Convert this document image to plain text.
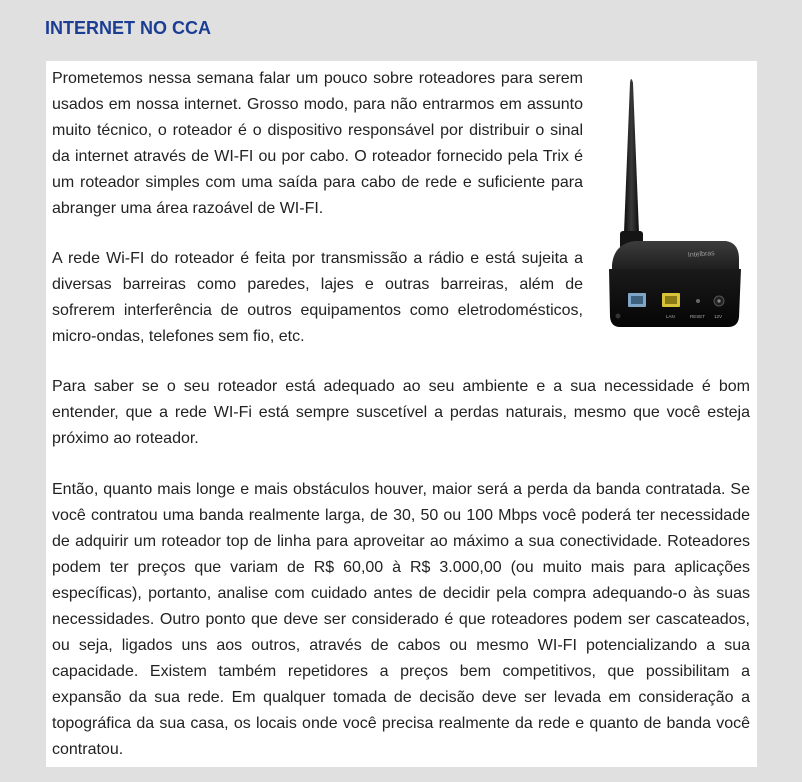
INTERNET NO CCA

Prometemos nessa semana falar um pouco sobre roteadores para serem usados em nossa internet. Grosso modo, para não entrarmos em assunto muito técnico, o roteador é o dispositivo responsável por distribuir o sinal da internet através de WI-FI ou por cabo. O roteador fornecido pela Trix é um roteador simples com uma saída para cabo de rede e suficiente para abranger uma área razoável de WI-FI.

A rede Wi-FI do roteador é feita por transmissão a rádio e está sujeita a diversas barreiras como paredes, lajes e outras barreiras, além de sofrerem interferência de outros equipamentos como eletrodomésticos, micro-ondas, telefones sem fio, etc.

Para saber se o seu roteador está adequado ao seu ambiente e a sua necessidade é bom entender, que a rede WI-Fi está sempre suscetível a perdas naturais, mesmo que você esteja próximo ao roteador.

Então, quanto mais longe e mais obstáculos houver, maior será a perda da banda contratada. Se você contratou uma banda realmente larga, de 30, 50 ou 100 Mbps você poderá ter necessidade de adquirir um roteador top de linha para aproveitar ao máximo a sua conectividade. Roteadores podem ter preços que variam de R$ 60,00 à R$ 3.000,00 (ou muito mais para aplicações específicas), portanto, analise com cuidado antes de decidir pela compra adequando-o às suas necessidades. Outro ponto que deve ser considerado é que roteadores podem ser cascateados, ou seja, ligados uns aos outros, através de cabos ou mesmo WI-FI potencializando a sua capacidade. Existem também repetidores a preços bem competitivos, que possibilitam a expansão da sua rede. Em qualquer tomada de decisão deve ser levada em consideração a topográfica da sua casa, os locais onde você precisa realmente da rede e quanto de banda você contratou.

Intelbras
LAN	RESET 12V
